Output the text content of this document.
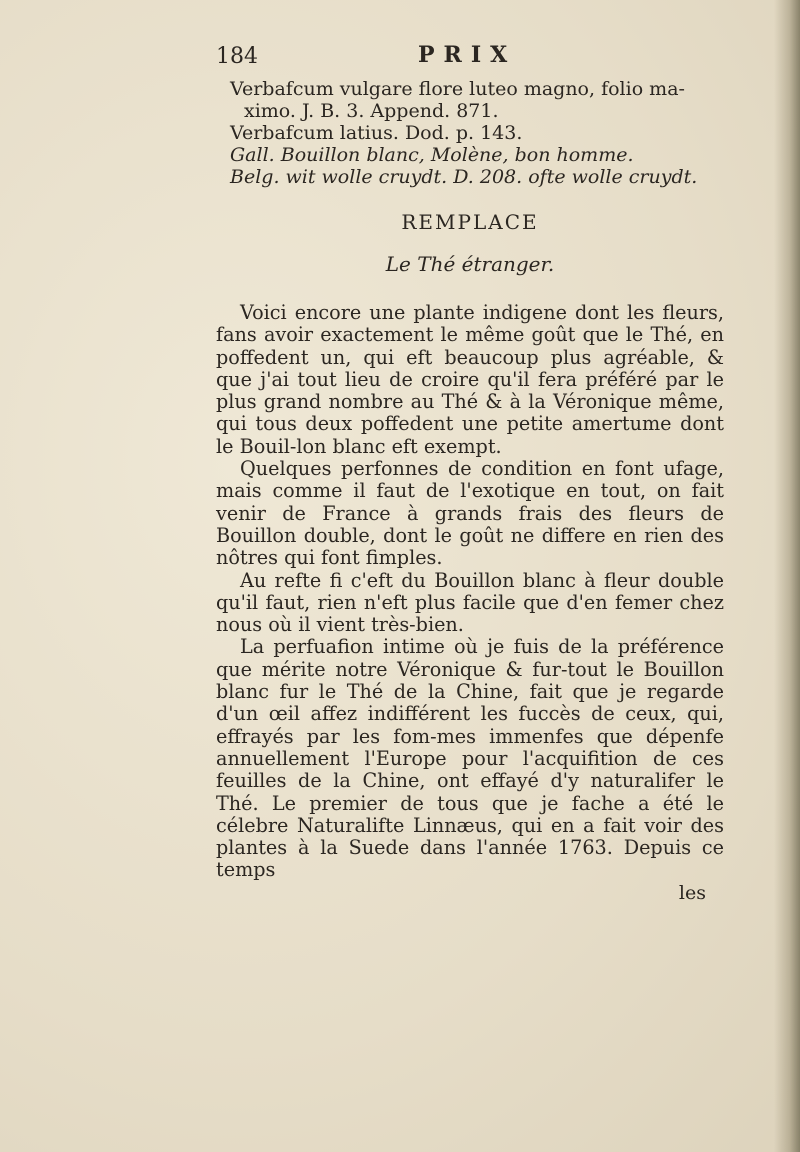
184	PRIX
Verbafcum vulgare flore luteo magno, folio ma-ximo. J. B. 3. Append. 871.
Verbafcum latius. Dod. p. 143.
Gall. Bouillon blanc, Molène, bon homme.
Belg. wit wolle cruydt. D. 208. ofte wolle cruydt.
REMPLACE
Le Thé étranger.

Voici encore une plante indigene dont les fleurs, fans avoir exactement le même goût que le Thé, en poffedent un, qui eft beaucoup plus agréable, & que j'ai tout lieu de croire qu'il fera préféré par le plus grand nombre au Thé & à la Véronique même, qui tous deux poffedent une petite amertume dont le Bouil-lon blanc eft exempt.

Quelques perfonnes de condition en font ufage, mais comme il faut de l'exotique en tout, on fait venir de France à grands frais des fleurs de Bouillon double, dont le goût ne differe en rien des nôtres qui font fimples.

Au refte fi c'eft du Bouillon blanc à fleur double qu'il faut, rien n'eft plus facile que d'en femer chez nous où il vient très-bien.

La perfuafion intime où je fuis de la préférence que mérite notre Véronique & fur-tout le Bouillon blanc fur le Thé de la Chine, fait que je regarde d'un œil affez indifférent les fuccès de ceux, qui, effrayés par les fom-mes immenfes que dépenfe annuellement l'Europe pour l'acquifition de ces feuilles de la Chine, ont effayé d'y naturalifer le Thé. Le premier de tous que je fache a été le célebre Naturalifte Linnæus, qui en a fait voir des plantes à la Suede dans l'année 1763. Depuis ce temps

les
